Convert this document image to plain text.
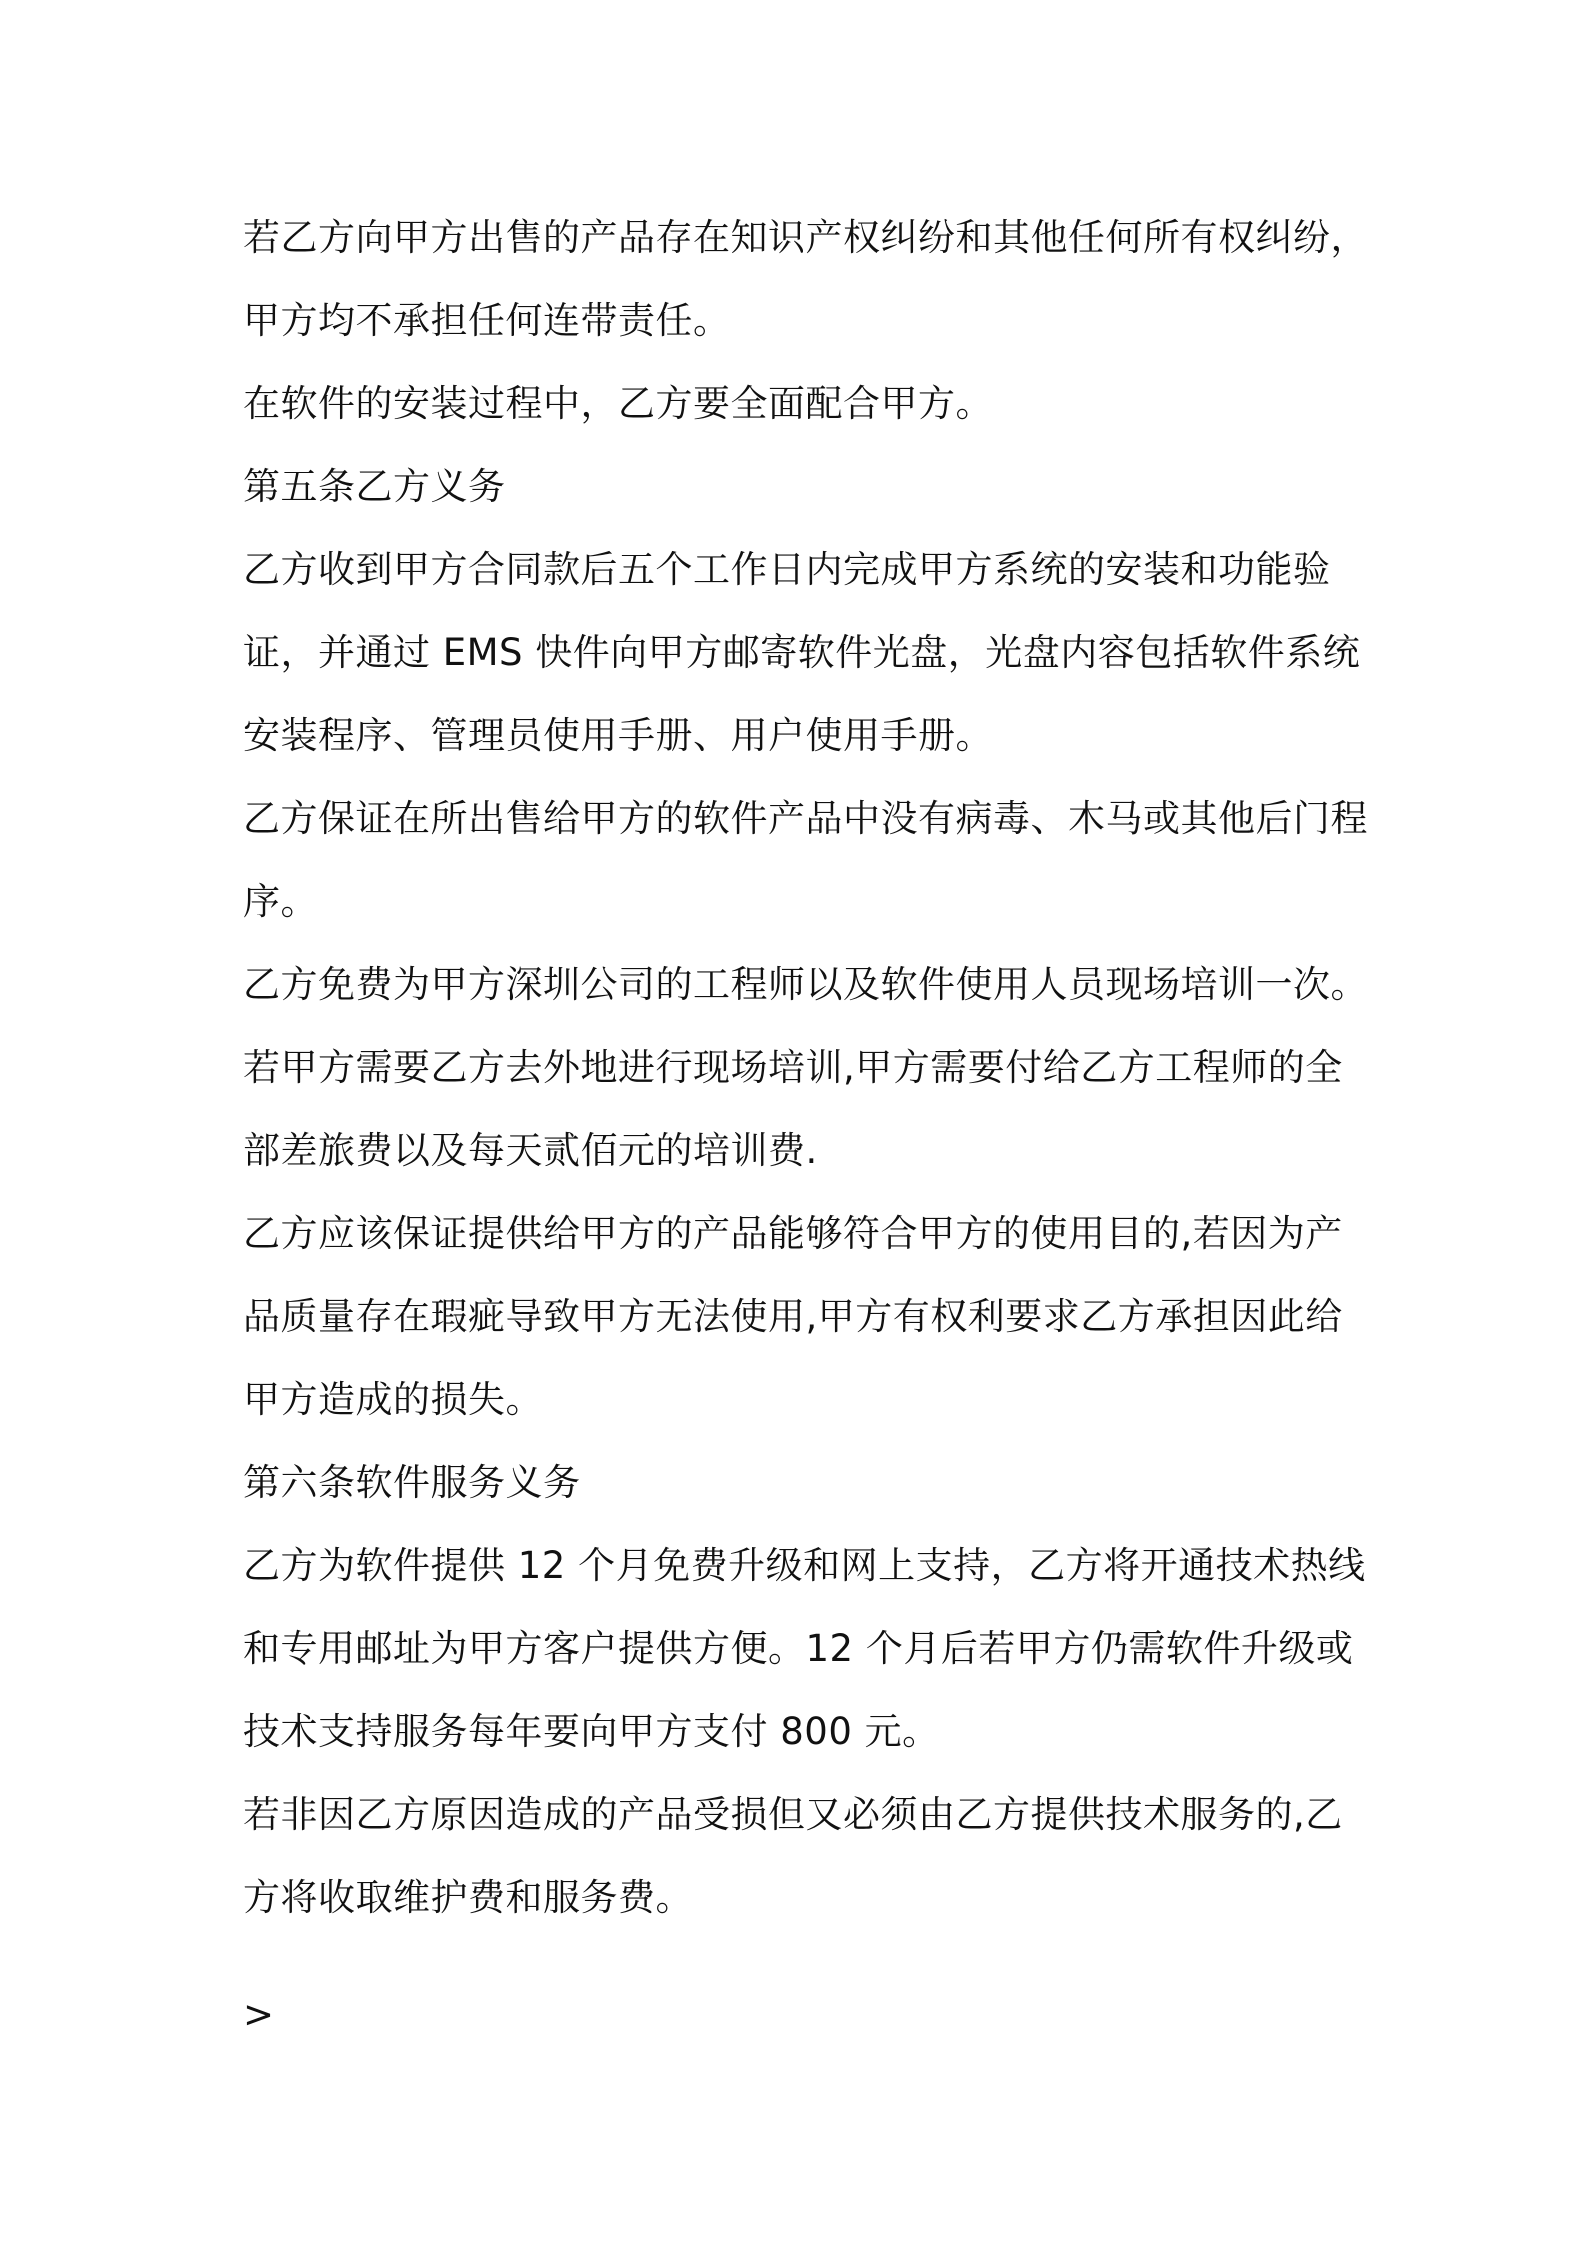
若乙方向甲方出售的产品存在知识产权纠纷和其他任何所有权纠纷，
甲方均不承担任何连带责任。
在软件的安装过程中，乙方要全面配合甲方。
第五条乙方义务
乙方收到甲方合同款后五个工作日内完成甲方系统的安装和功能验
证，并通过 EMS 快件向甲方邮寄软件光盘，光盘内容包括软件系统
安装程序、管理员使用手册、用户使用手册。
乙方保证在所出售给甲方的软件产品中没有病毒、木马或其他后门程
序。
乙方免费为甲方深圳公司的工程师以及软件使用人员现场培训一次。
若甲方需要乙方去外地进行现场培训,甲方需要付给乙方工程师的全
部差旅费以及每天贰佰元的培训费.
乙方应该保证提供给甲方的产品能够符合甲方的使用目的,若因为产
品质量存在瑕疵导致甲方无法使用,甲方有权利要求乙方承担因此给
甲方造成的损失。
第六条软件服务义务
乙方为软件提供 12 个月免费升级和网上支持，乙方将开通技术热线
和专用邮址为甲方客户提供方便。12 个月后若甲方仍需软件升级或
技术支持服务每年要向甲方支付 800 元。
若非因乙方原因造成的产品受损但又必须由乙方提供技术服务的,乙
方将收取维护费和服务费。
>
